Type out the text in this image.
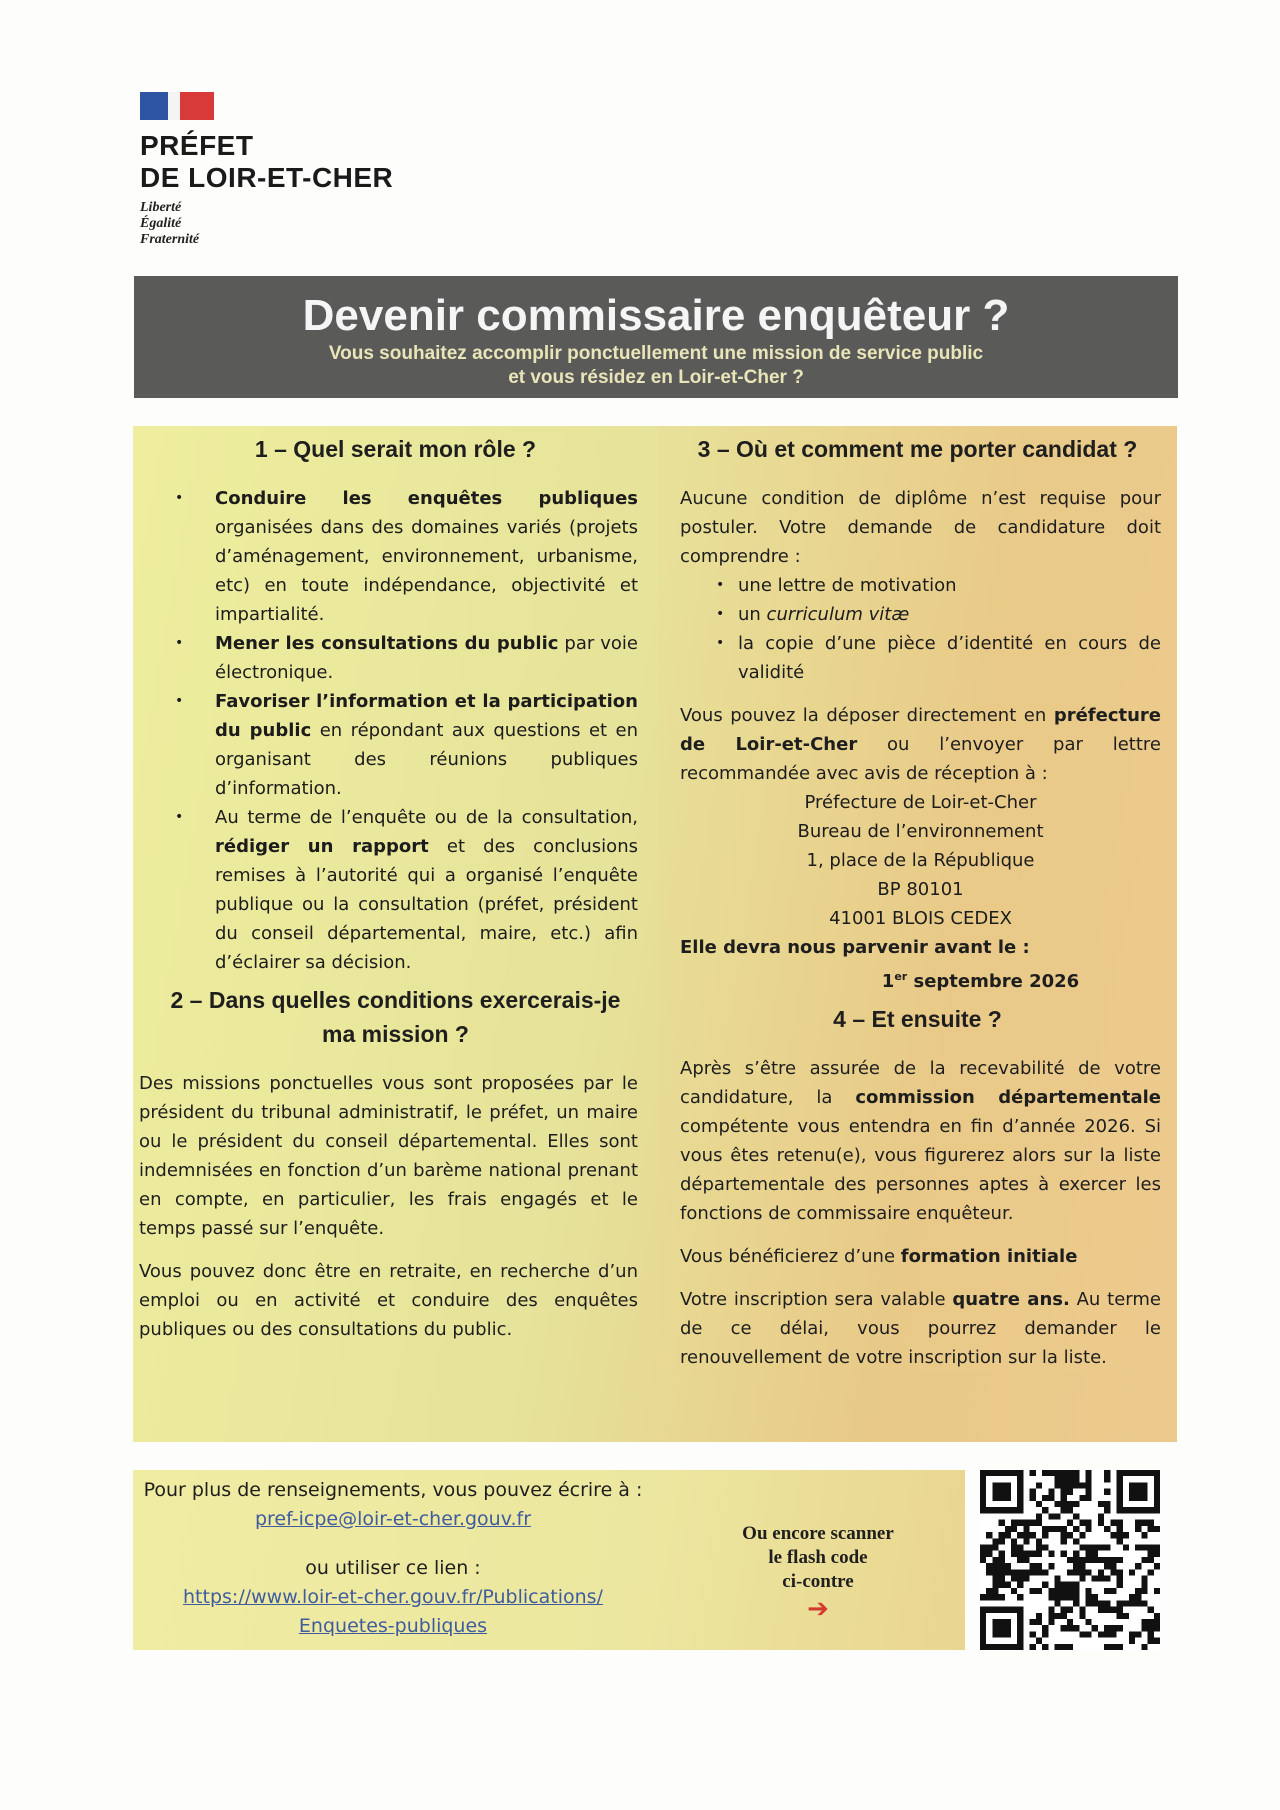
PRÉFET
DE LOIR-ET-CHER
Liberté
Égalité
Fraternité
Devenir commissaire enquêteur ?
Vous souhaitez accomplir ponctuellement une mission de service public
et vous résidez en Loir-et-Cher ?
1 – Quel serait mon rôle ?
• Conduire les enquêtes publiques organisées dans des domaines variés (projets d’aménagement, environnement, urbanisme, etc) en toute indépendance, objectivité et impartialité.
• Mener les consultations du public par voie électronique.
• Favoriser l’information et la participation du public en répondant aux questions et en organisant des réunions publiques d’information.
• Au terme de l’enquête ou de la consultation, rédiger un rapport et des conclusions remises à l’autorité qui a organisé l’enquête publique ou la consultation (préfet, président du conseil départemental, maire, etc.) afin d’éclairer sa décision.
2 – Dans quelles conditions exercerais-je ma mission ?
Des missions ponctuelles vous sont proposées par le président du tribunal administratif, le préfet, un maire ou le président du conseil départemental. Elles sont indemnisées en fonction d’un barème national prenant en compte, en particulier, les frais engagés et le temps passé sur l’enquête.
Vous pouvez donc être en retraite, en recherche d’un emploi ou en activité et conduire des enquêtes publiques ou des consultations du public.
3 – Où et comment me porter candidat ?
Aucune condition de diplôme n’est requise pour postuler. Votre demande de candidature doit comprendre :
• une lettre de motivation
• un curriculum vitæ
• la copie d’une pièce d’identité en cours de validité
Vous pouvez la déposer directement en préfecture de Loir-et-Cher ou l’envoyer par lettre recommandée avec avis de réception à :
Préfecture de Loir-et-Cher
Bureau de l’environnement
1, place de la République
BP 80101
41001 BLOIS CEDEX
Elle devra nous parvenir avant le :
1er septembre 2026
4 – Et ensuite ?
Après s’être assurée de la recevabilité de votre candidature, la commission départementale compétente vous entendra en fin d’année 2026. Si vous êtes retenu(e), vous figurerez alors sur la liste départementale des personnes aptes à exercer les fonctions de commissaire enquêteur.
Vous bénéficierez d’une formation initiale
Votre inscription sera valable quatre ans. Au terme de ce délai, vous pourrez demander le renouvellement de votre inscription sur la liste.
Pour plus de renseignements, vous pouvez écrire à :
pref-icpe@loir-et-cher.gouv.fr
ou utiliser ce lien :
https://www.loir-et-cher.gouv.fr/Publications/
Enquetes-publiques
Ou encore scanner
le flash code
ci-contre
➔
